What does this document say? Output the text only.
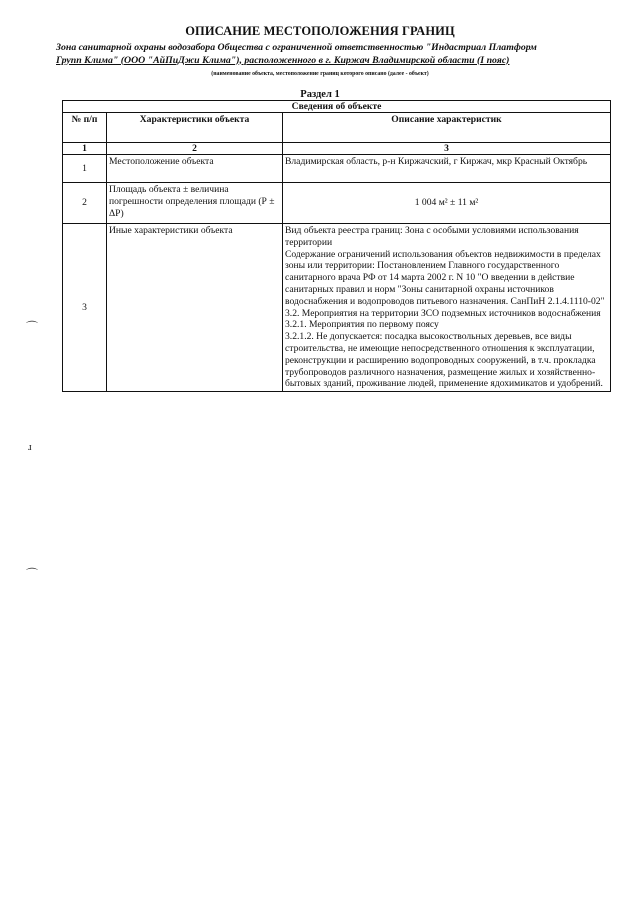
ОПИСАНИЕ МЕСТОПОЛОЖЕНИЯ ГРАНИЦ
Зона санитарной охраны водозабора Общества с ограниченной ответственностью "Индастриал Платформ
Групп Клима" (ООО "АйПиДжи Клима"), расположенного в г. Киржач Владимирской области (I пояс)
(наименование объекта, местоположение границ которого описано (далее - объект)
Раздел 1
Сведения об объекте		
№ п/п	Характеристики объекта	Описание характеристик
1	2	3
1	Местоположение объекта	Владимирская область, р-н Киржачский, г Киржач, мкр Красный Октябрь
2	Площадь объекта ± величина погрешности определения площади (Р ± ΔР)	1 004 м² ± 11 м²
3	Иные характеристики объекта	Вид объекта реестра границ: Зона с особыми условиями использования территории
Содержание ограничений использования объектов недвижимости в пределах зоны или территории: Постановлением Главного государственного санитарного врача РФ от 14 марта 2002 г. N 10 "О введении в действие санитарных правил и норм "Зоны санитарной охраны источников водоснабжения и водопроводов питьевого назначения. СанПиН 2.1.4.1110-02"
3.2. Мероприятия на территории ЗСО подземных источников водоснабжения
3.2.1. Мероприятия по первому поясу
3.2.1.2. Не допускается: посадка высокоствольных деревьев, все виды строительства, не имеющие непосредственного отношения к эксплуатации, реконструкции и расширению водопроводных сооружений, в т.ч. прокладка трубопроводов различного назначения, размещение жилых и хозяйственно-бытовых зданий, проживание людей, применение ядохимикатов и удобрений.
⌒
ɹ
⌒
